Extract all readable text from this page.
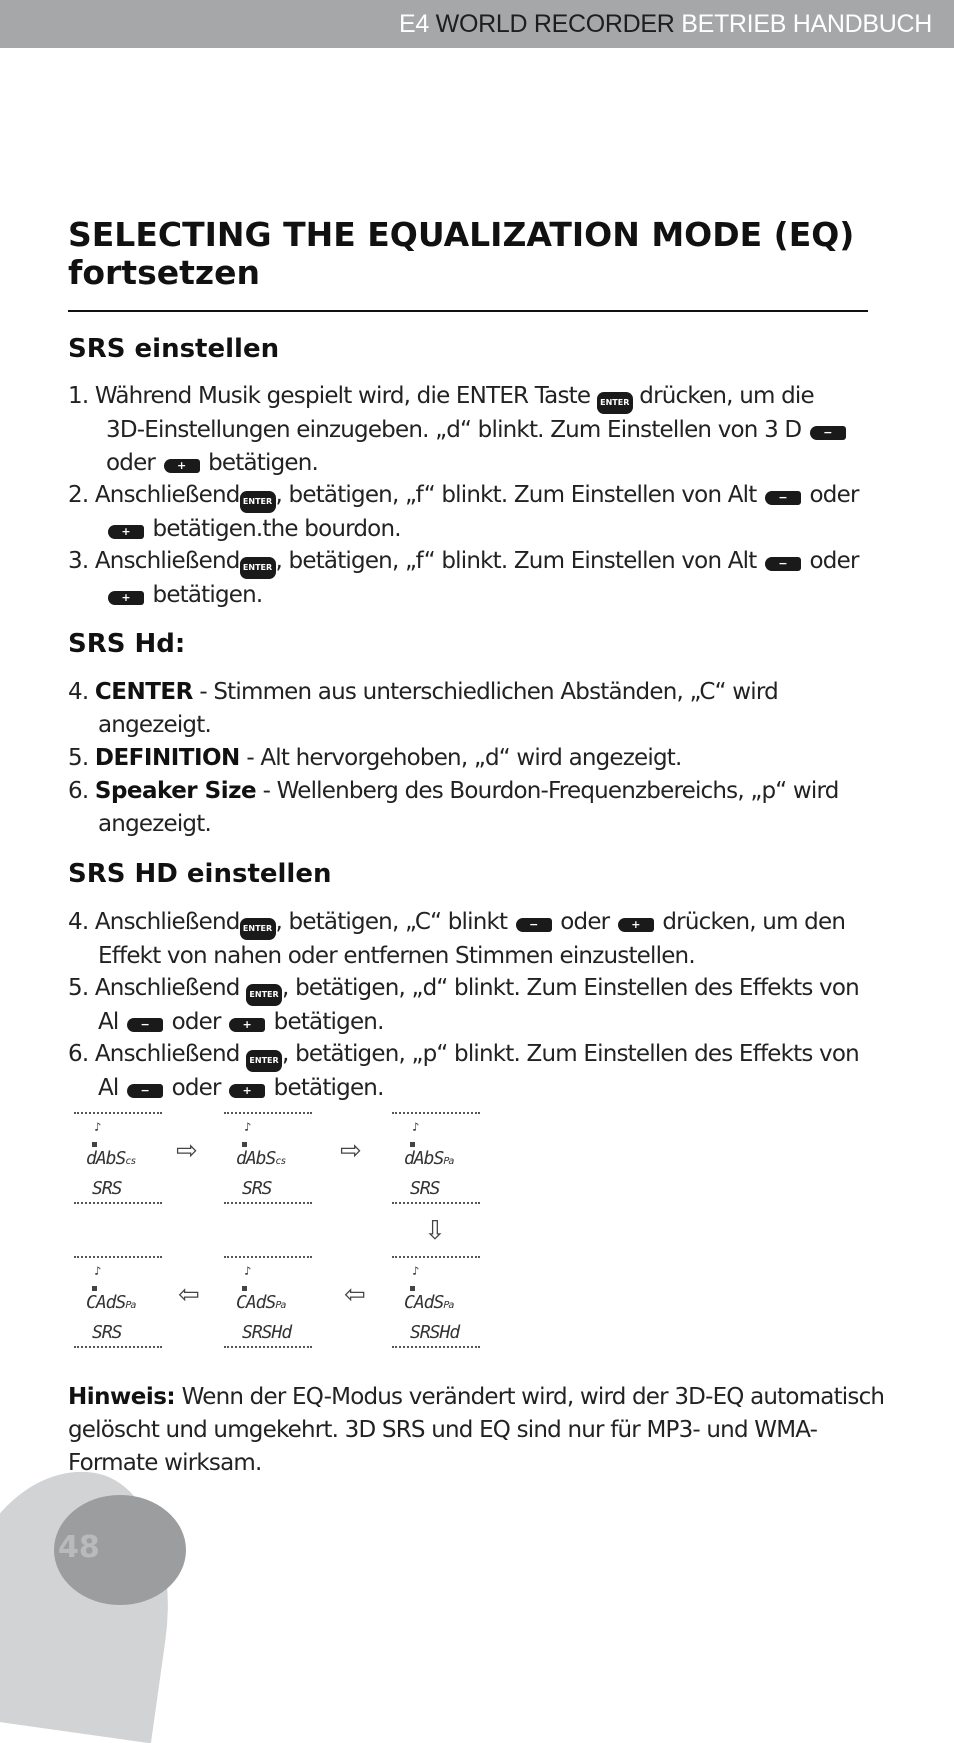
E4 WORLD RECORDER BETRIEB HANDBUCH
SELECTING THE EQUALIZATION MODE (EQ)
fortsetzen
SRS einstellen

1. Während Musik gespielt wird, die ENTER Taste ENTER drücken, um die
3D-Einstellungen einzugeben. „d“ blinkt. Zum Einstellen von 3 D −
oder + betätigen.

2. Anschließend ENTER , betätigen, „f“ blinkt. Zum Einstellen von Alt − oder
+ betätigen.the bourdon.

3. Anschließend ENTER , betätigen, „f“ blinkt. Zum Einstellen von Alt − oder
+ betätigen.

SRS Hd:

4. CENTER - Stimmen aus unterschiedlichen Abständen, „C“ wird
angezeigt.

5. DEFINITION - Alt hervorgehoben, „d“ wird angezeigt.

6. Speaker Size - Wellenberg des Bourdon-Frequenzbereichs, „p“ wird
angezeigt.

SRS HD einstellen

4. Anschließend ENTER , betätigen, „C“ blinkt − oder + drücken, um den
Effekt von nahen oder entfernen Stimmen einzustellen.

5. Anschließend ENTER , betätigen, „d“ blinkt. Zum Einstellen des Effekts von
Al − oder + betätigen.

6. Anschließend ENTER , betätigen, „p“ blinkt. Zum Einstellen des Effekts von
Al − oder + betätigen.

♪
dAbScs
SRS
⇨
♪
dAbScs
SRS
⇨
♪
dAbSPa
SRS
⇩
♪
CAdSPa
SRS
⇦
♪
CAdSPa
SRSHd
⇦
♪
CAdSPa
SRSHd

Hinweis: Wenn der EQ-Modus verändert wird, wird der 3D-EQ automatisch gelöscht und umgekehrt. 3D SRS und EQ sind nur für MP3- und WMA-Formate wirksam.

48
